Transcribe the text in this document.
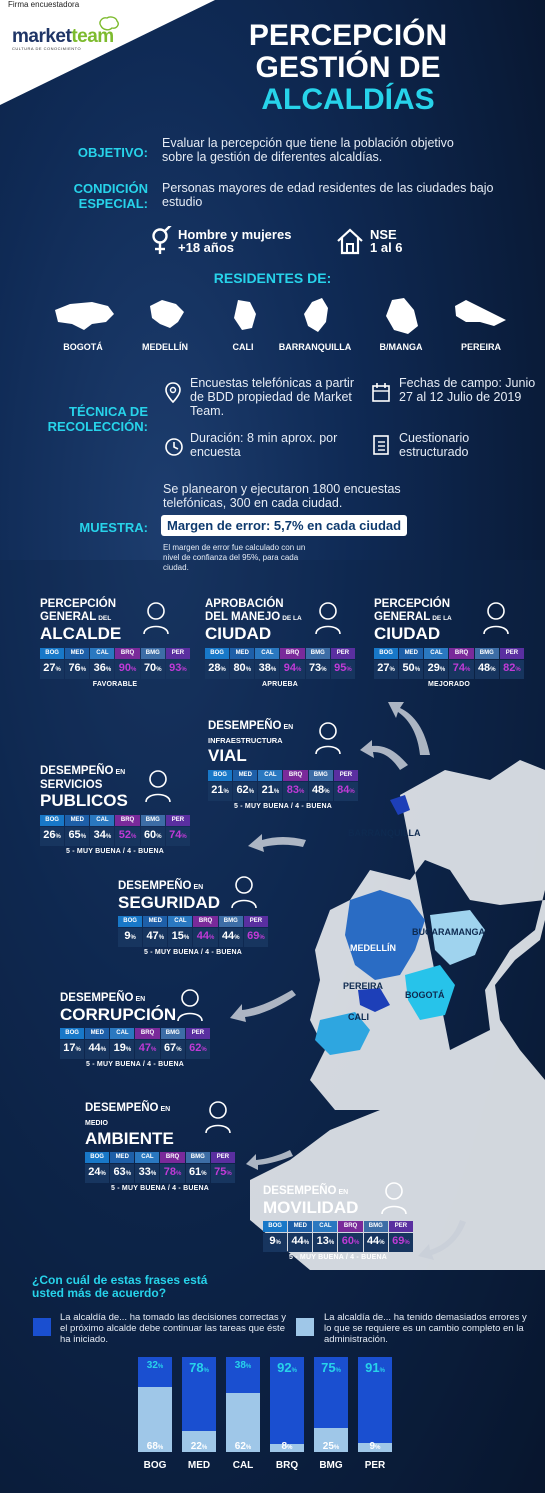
Firma encuestadora
marketteam
CULTURA DE CONOCIMIENTO	PERCEPCIÓN
GESTIÓN DE
ALCALDÍAS
OBJETIVO:
Evaluar la percepción que tiene la población objetivo sobre la gestión de diferentes alcaldías.
CONDICIÓN
ESPECIAL:
Personas mayores de edad residentes de las ciudades bajo estudio
Hombre y mujeres
+18 años
NSE
1 al 6
RESIDENTES DE:
BOGOTÁ	MEDELLÍN	CALI	BARRANQUILLA	B/MANGA	PEREIRA
TÉCNICA DE
RECOLECCIÓN:
Encuestas telefónicas a partir de BDD propiedad de Market Team.
Fechas de campo: Junio 27 al 12 Julio de 2019
Duración: 8 min aprox. por encuesta
Cuestionario estructurado
Se planearon y ejecutaron 1800 encuestas telefónicas, 300 en cada ciudad.
MUESTRA:	Margen de error: 5,7% en cada ciudad
El margen de error fue calculado con un nivel de confianza del 95%, para cada ciudad.
BARRANQUILLA
BUCARAMANGA
MEDELLÍN
PEREIRA
BOGOTÁ
CALI
PERCEPCIÓN
GENERAL DEL
ALCALDE
BOG	MED	CAL	BRQ	BMG	PER
27% 76% 36% 90% 70% 93%
FAVORABLE
APROBACIÓN
DEL MANEJO DE LA
CIUDAD
BOG	MED	CAL	BRQ	BMG	PER
28% 80% 38% 94% 73% 95%
APRUEBA
PERCEPCIÓN
GENERAL DE LA
CIUDAD
BOG	MED	CAL	BRQ	BMG	PER
27% 50% 29% 74% 48% 82%
MEJORADO
DESEMPEÑO EN
INFRAESTRUCTURA
VIAL
BOG	MED	CAL	BRQ	BMG	PER
21% 62% 21% 83% 48% 84%
5 - MUY BUENA / 4 - BUENA
DESEMPEÑO EN
SERVICIOS
PUBLICOS
BOG	MED	CAL	BRQ	BMG	PER
26% 65% 34% 52% 60% 74%
5 - MUY BUENA / 4 - BUENA
DESEMPEÑO EN
SEGURIDAD
BOG	MED	CAL	BRQ	BMG	PER
9% 47% 15% 44% 44% 69%
5 - MUY BUENA / 4 - BUENA
DESEMPEÑO EN
CORRUPCIÓN
BOG	MED	CAL	BRQ	BMG	PER
17% 44% 19% 47% 67% 62%
5 - MUY BUENA / 4 - BUENA
DESEMPEÑO EN
MEDIO
AMBIENTE
BOG	MED	CAL	BRQ	BMG	PER
24% 63% 33% 78% 61% 75%
5 - MUY BUENA / 4 - BUENA	DESEMPEÑO EN
MOVILIDAD
BOG	MED	CAL	BRQ	BMG	PER
9% 44% 13% 60% 44% 69%
5 - MUY BUENA / 4 - BUENA
¿Con cuál de estas frases está
usted más de acuerdo?
La alcaldía de... ha tomado las decisiones correctas y el próximo alcalde debe continuar las tareas que éste ha iniciado.
La alcaldía de... ha tenido demasiados errores y lo que se requiere es un cambio completo en la administración.
32%
68%
BOG
78%
22%
MED
38%
62%
CAL
92%
8%
BRQ
75%
25%
BMG
91%
9%
PER
